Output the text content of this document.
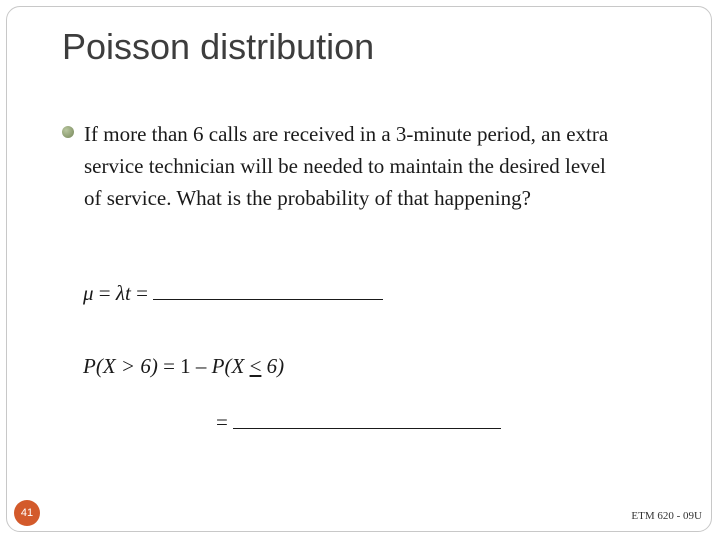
Poisson distribution
If more than 6 calls are received in a 3-minute period, an extra service technician will be needed to maintain the desired level of service. What is the probability of that happening?
μ = λt =
P(X > 6) = 1 – P(X ≤ 6)
=
41	ETM 620 - 09U
